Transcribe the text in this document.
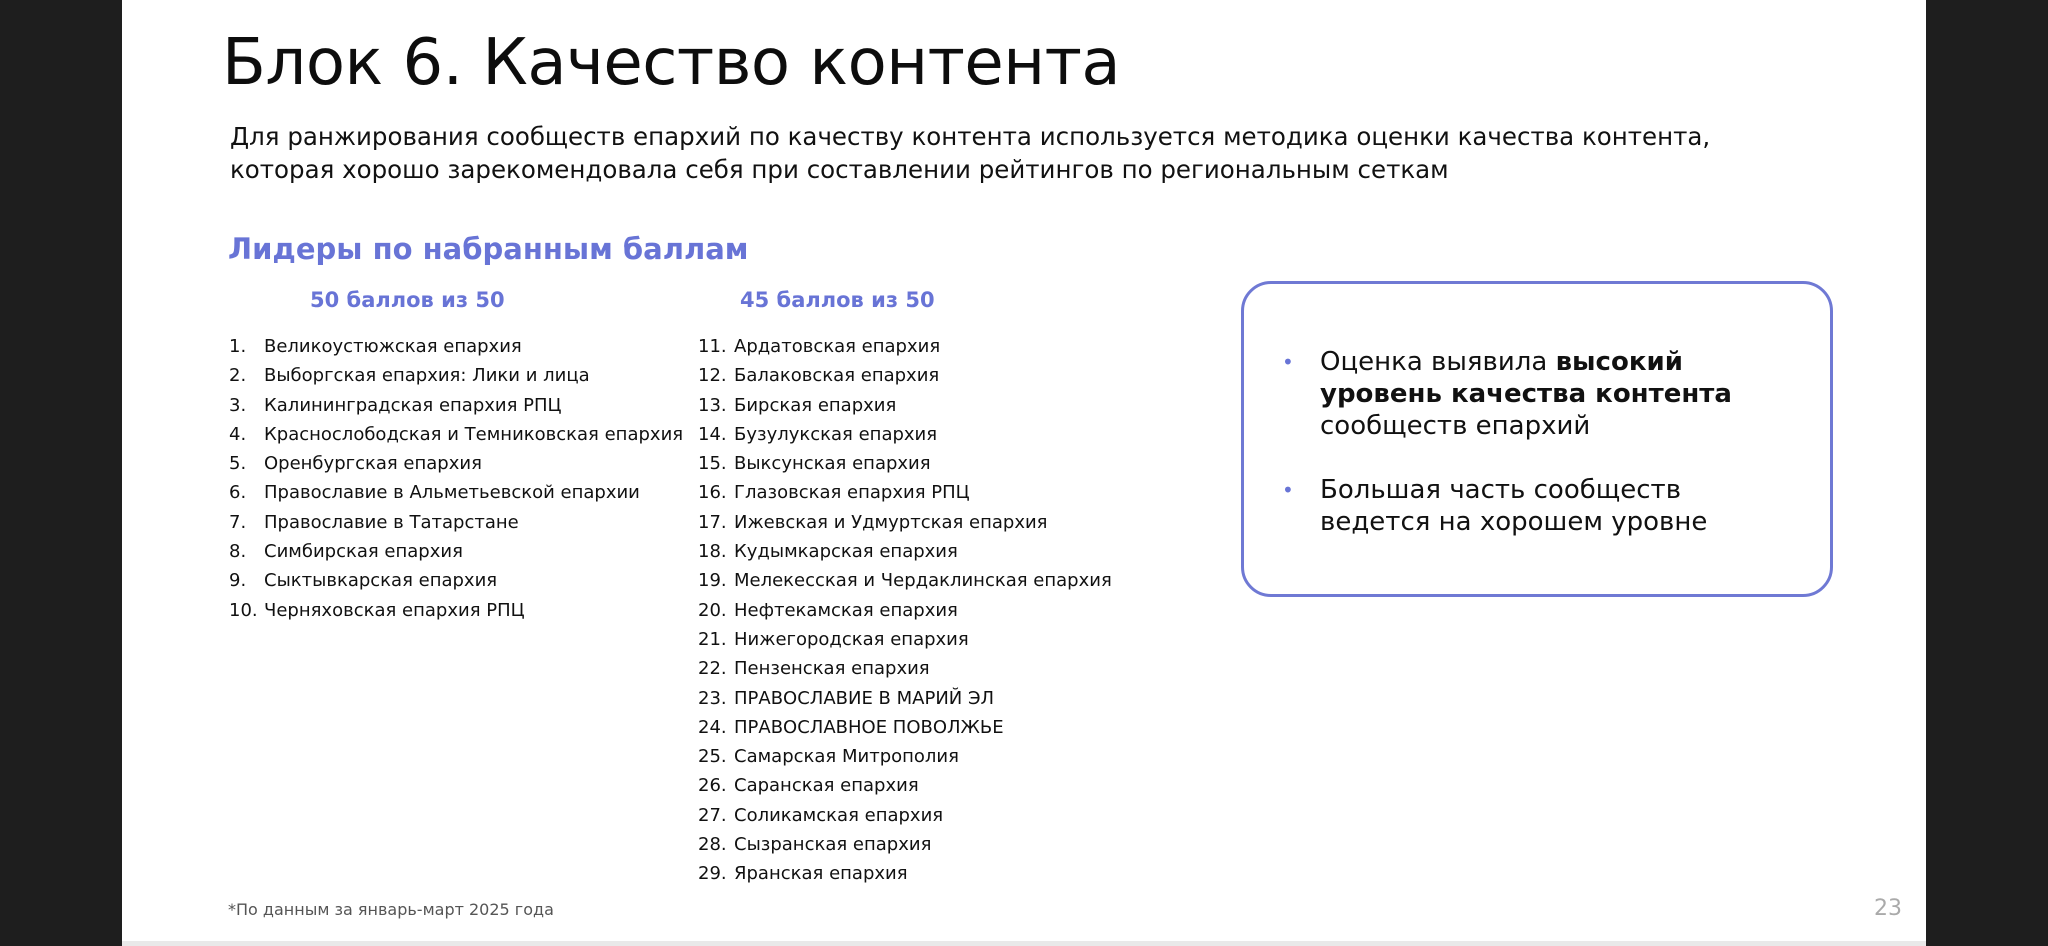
Блок 6. Качество контента
Для ранжирования сообществ епархий по качеству контента используется методика оценки качества контента, которая хорошо зарекомендовала себя при составлении рейтингов по региональным сеткам
Лидеры по набранным баллам
50 баллов из 50	45 баллов из 50
1. Великоустюжская епархия
2. Выборгская епархия: Лики и лица
3. Калининградская епархия РПЦ
4. Краснослободская и Темниковская епархия
5. Оренбургская епархия
6. Православие в Альметьевской епархии
7. Православие в Татарстане
8. Симбирская епархия
9. Сыктывкарская епархия
10. Черняховская епархия РПЦ
11. Ардатовская епархия
12. Балаковская епархия
13. Бирская епархия
14. Бузулукская епархия
15. Выксунская епархия
16. Глазовская епархия РПЦ
17. Ижевская и Удмуртская епархия
18. Кудымкарская епархия
19. Мелекесская и Чердаклинская епархия
20. Нефтекамская епархия
21. Нижегородская епархия
22. Пензенская епархия
23. ПРАВОСЛАВИЕ В МАРИЙ ЭЛ
24. ПРАВОСЛАВНОЕ ПОВОЛЖЬЕ
25. Самарская Митрополия
26. Саранская епархия
27. Соликамская епархия
28. Сызранская епархия
29. Яранская епархия
• Оценка выявила высокий уровень качества контента сообществ епархий
• Большая часть сообществ ведется на хорошем уровне
*По данным за январь-март 2025 года	23
